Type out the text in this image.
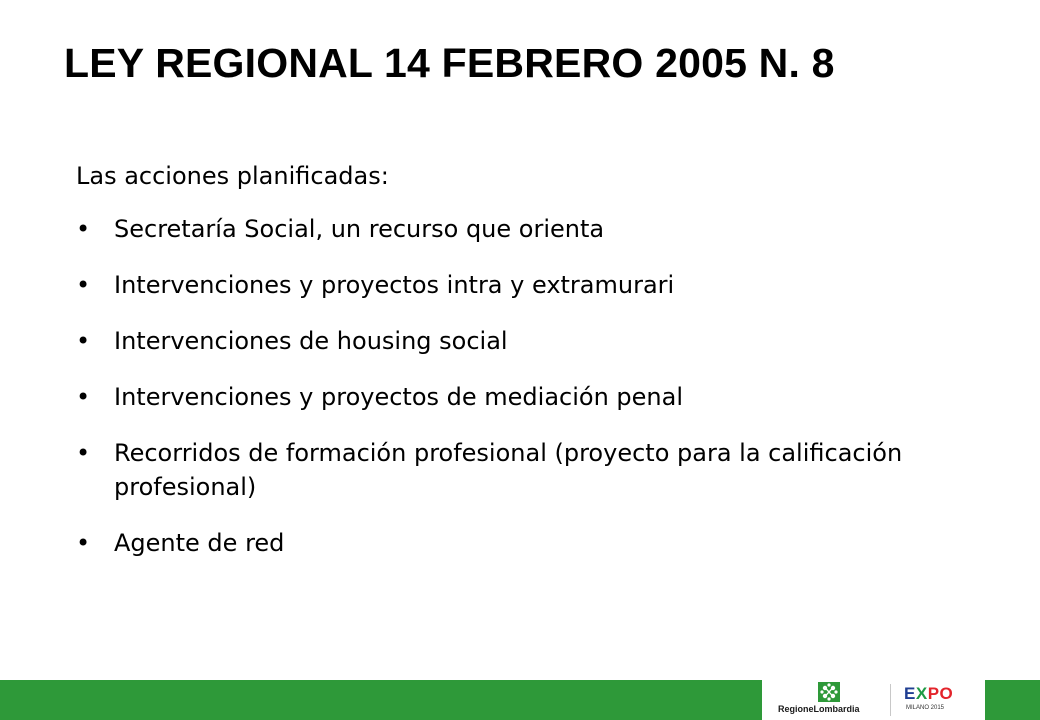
LEY REGIONAL 14 FEBRERO 2005 N. 8
Las acciones planificadas:
• Secretaría Social, un recurso que orienta
• Intervenciones y proyectos intra y extramurari
• Intervenciones de housing social
• Intervenciones y proyectos de mediación penal
• Recorridos de formación profesional (proyecto para la calificación profesional)
• Agente de red
RegioneLombardia
EXPO
MILANO 2015
